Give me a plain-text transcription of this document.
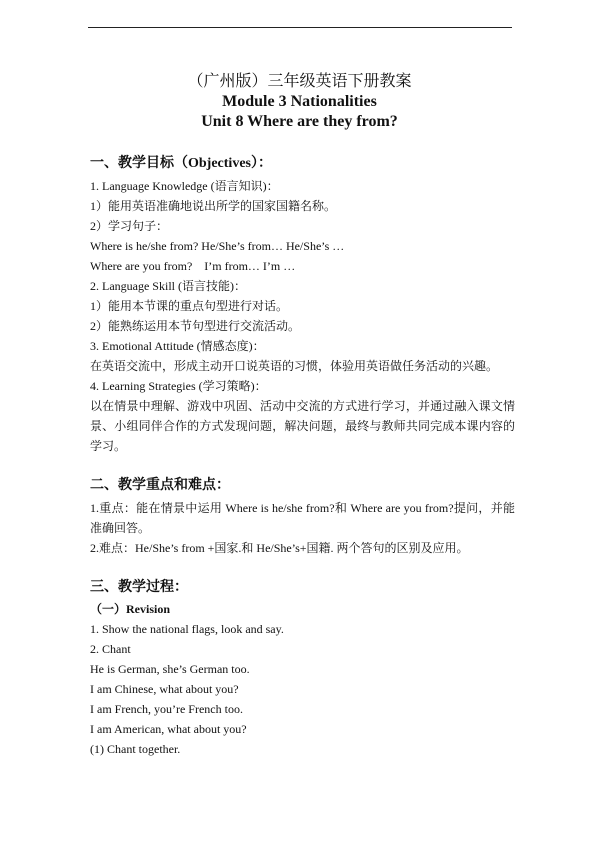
（广州版）三年级英语下册教案

Module 3 Nationalities

Unit 8 Where are they from?

一、教学目标（Objectives）：

1. Language Knowledge (语言知识)：

1）能用英语准确地说出所学的国家国籍名称。

2）学习句子：

Where is he/she from? He/She’s from… He/She’s …

Where are you from?    I’m from… I’m …

2. Language Skill (语言技能)：

1）能用本节课的重点句型进行对话。

2）能熟练运用本节句型进行交流活动。

3. Emotional Attitude (情感态度)：

在英语交流中，形成主动开口说英语的习惯，体验用英语做任务活动的兴趣。

4. Learning Strategies (学习策略)：

以在情景中理解、游戏中巩固、活动中交流的方式进行学习，并通过融入课文情景、小组同伴合作的方式发现问题，解决问题，最终与教师共同完成本课内容的学习。

二、教学重点和难点：

1.重点：能在情景中运用 Where is he/she from?和 Where are you from?提问，并能准确回答。

2.难点：He/She’s from +国家.和 He/She’s+国籍. 两个答句的区别及应用。

三、教学过程：

（一）Revision

1. Show the national flags, look and say.

2. Chant

He is German, she’s German too.

I am Chinese, what about you?

I am French, you’re French too.

I am American, what about you?

(1) Chant together.
